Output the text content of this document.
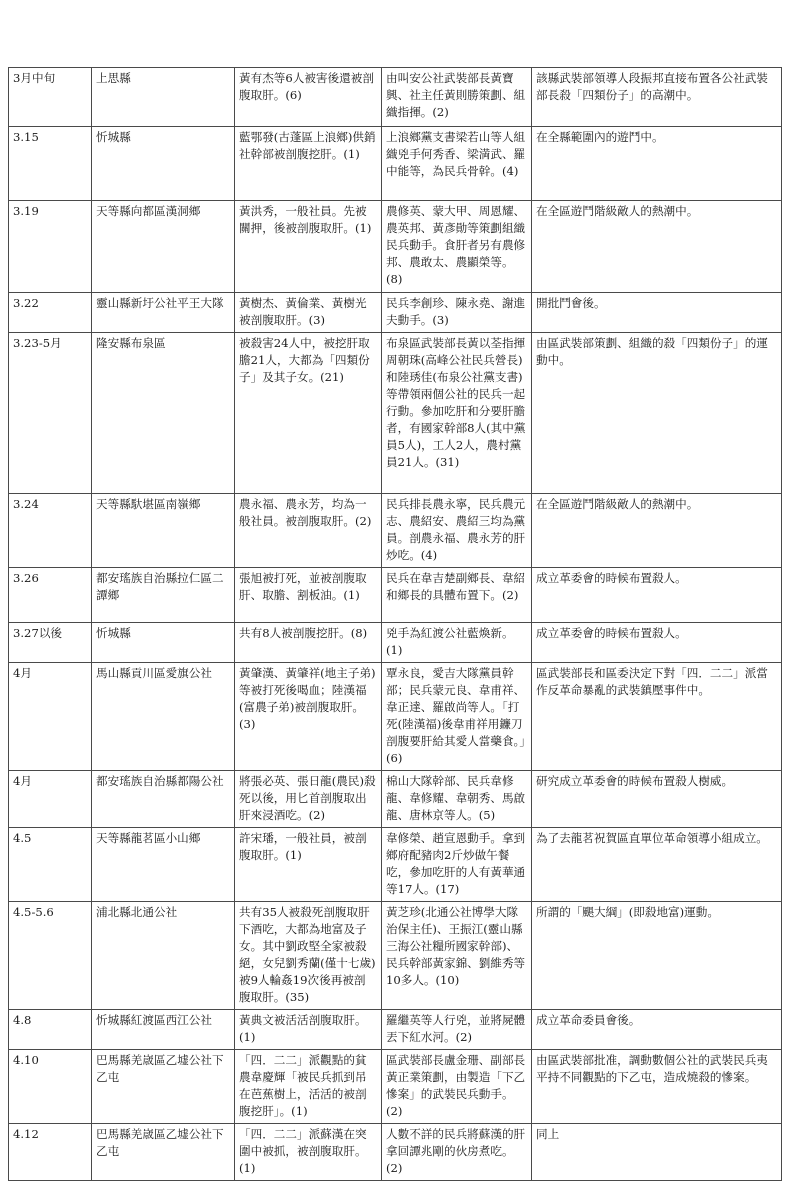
3月中旬	上思縣	黃有杰等6人被害後還被剖腹取肝。(6)	由叫安公社武裝部長黃寶興、社主任黃則勝策劃、組織指揮。(2)	該縣武裝部領導人段振邦直接布置各公社武裝部長殺「四類份子」的高潮中。
3.15	忻城縣	藍鄂發(古蓬區上浪鄉)供銷社幹部被剖腹挖肝。(1)	上浪鄉黨支書梁若山等人組織兇手何秀香、梁満武、羅中能等，為民兵骨幹。(4)	在全縣範圍內的遊鬥中。
3.19	天等縣向都區漢洞鄉	黃洪秀，一般社員。先被關押，後被剖腹取肝。(1)	農修英、蒙大甲、周恩耀、農英邦、黃彥勛等策劃組織民兵動手。食肝者另有農修邦、農敢太、農顯榮等。(8)	在全區遊鬥階級敵人的熱潮中。
3.22	靈山縣新圩公社平王大隊	黃樹杰、黃倫業、黃樹光被剖腹取肝。(3)	民兵李創珍、陳永堯、謝進夫動手。(3)	開批鬥會後。
3.23-5月	隆安縣布泉區	被殺害24人中，被挖肝取膽21人，大都為「四類份子」及其子女。(21)	布泉區武裝部長黃以荃指揮周朝珠(高峰公社民兵營長)和陸琇佳(布泉公社黨支書)等帶領兩個公社的民兵一起行動。參加吃肝和分要肝膽者，有國家幹部8人(其中黨員5人)，工人2人，農村黨員21人。(31)	由區武裝部策劃、組織的殺「四類份子」的運動中。
3.24	天等縣馱堪區南嶺鄉	農永福、農永芳，均為一般社員。被剖腹取肝。(2)	民兵排長農永寧，民兵農元志、農紹安、農紹三均為黨員。剖農永福、農永芳的肝炒吃。(4)	在全區遊鬥階級敵人的熱潮中。
3.26	都安瑤族自治縣拉仁區二譚鄉	張旭被打死，並被剖腹取肝、取膽、割板油。(1)	民兵在韋吉楚副鄉長、韋紹和鄉長的具體布置下。(2)	成立革委會的時候布置殺人。
3.27以後	忻城縣	共有8人被剖腹挖肝。(8)	兇手為紅渡公社藍煥新。(1)	成立革委會的時候布置殺人。
4月	馬山縣貢川區愛旗公社	黃肇漢、黃肇祥(地主子弟)等被打死後喝血；陸漢福(富農子弟)被剖腹取肝。(3)	覃永良，愛吉大隊黨員幹部；民兵蒙元良、韋甫祥、韋正達、羅啟尚等人。「打死(陸漢福)後韋甫祥用鐮刀剖腹要肝給其愛人當藥食。」(6)	區武裝部長和區委決定下對「四．二二」派當作反革命暴亂的武裝鎮壓事件中。
4月	都安瑤族自治縣都陽公社	將張必英、張日龍(農民)殺死以後，用匕首剖腹取出肝來浸酒吃。(2)	棉山大隊幹部、民兵韋修龍、韋修耀、韋朝秀、馬啟龍、唐林京等人。(5)	研究成立革委會的時候布置殺人樹威。
4.5	天等縣龍茗區小山鄉	許宋璠，一般社員，被剖腹取肝。(1)	韋修榮、趙宣恩動手。拿到鄉府配豬肉2斤炒做午餐吃，參加吃肝的人有黃華通等17人。(17)	為了去龍茗祝賀區直單位革命領導小組成立。
4.5-5.6	浦北縣北通公社	共有35人被殺死剖腹取肝下酒吃，大都為地富及子女。其中劉政堅全家被殺絕，女兒劉秀蘭(僅十七歲)被9人輪姦19次後再被剖腹取肝。(35)	黃芝珍(北通公社博學大隊治保主任)、王振江(靈山縣三海公社糧所國家幹部)、民兵幹部黃家錦、劉維秀等10多人。(10)	所謂的「颶大綱」(即殺地富)運動。
4.8	忻城縣紅渡區西江公社	黃典文被活活剖腹取肝。(1)	羅繼英等人行兇，並將屍體丟下紅水河。(2)	成立革命委員會後。
4.10	巴馬縣羌𡻕區乙墟公社下乙屯	「四．二二」派觀點的貧農韋慶輝「被民兵抓到吊在芭蕉樹上，活活的被剖腹挖肝」。(1)	區武裝部長盧金珊、副部長黃正業策劃，由製造「下乙慘案」的武裝民兵動手。(2)	由區武裝部批准，調動數個公社的武裝民兵夷平持不同觀點的下乙屯，造成燒殺的慘案。
4.12	巴馬縣羌𡻕區乙墟公社下乙屯	「四．二二」派蘇漢在突圍中被抓，被剖腹取肝。(1)	人數不詳的民兵將蘇漢的肝拿回譚兆剛的伙房煮吃。(2)	同上
